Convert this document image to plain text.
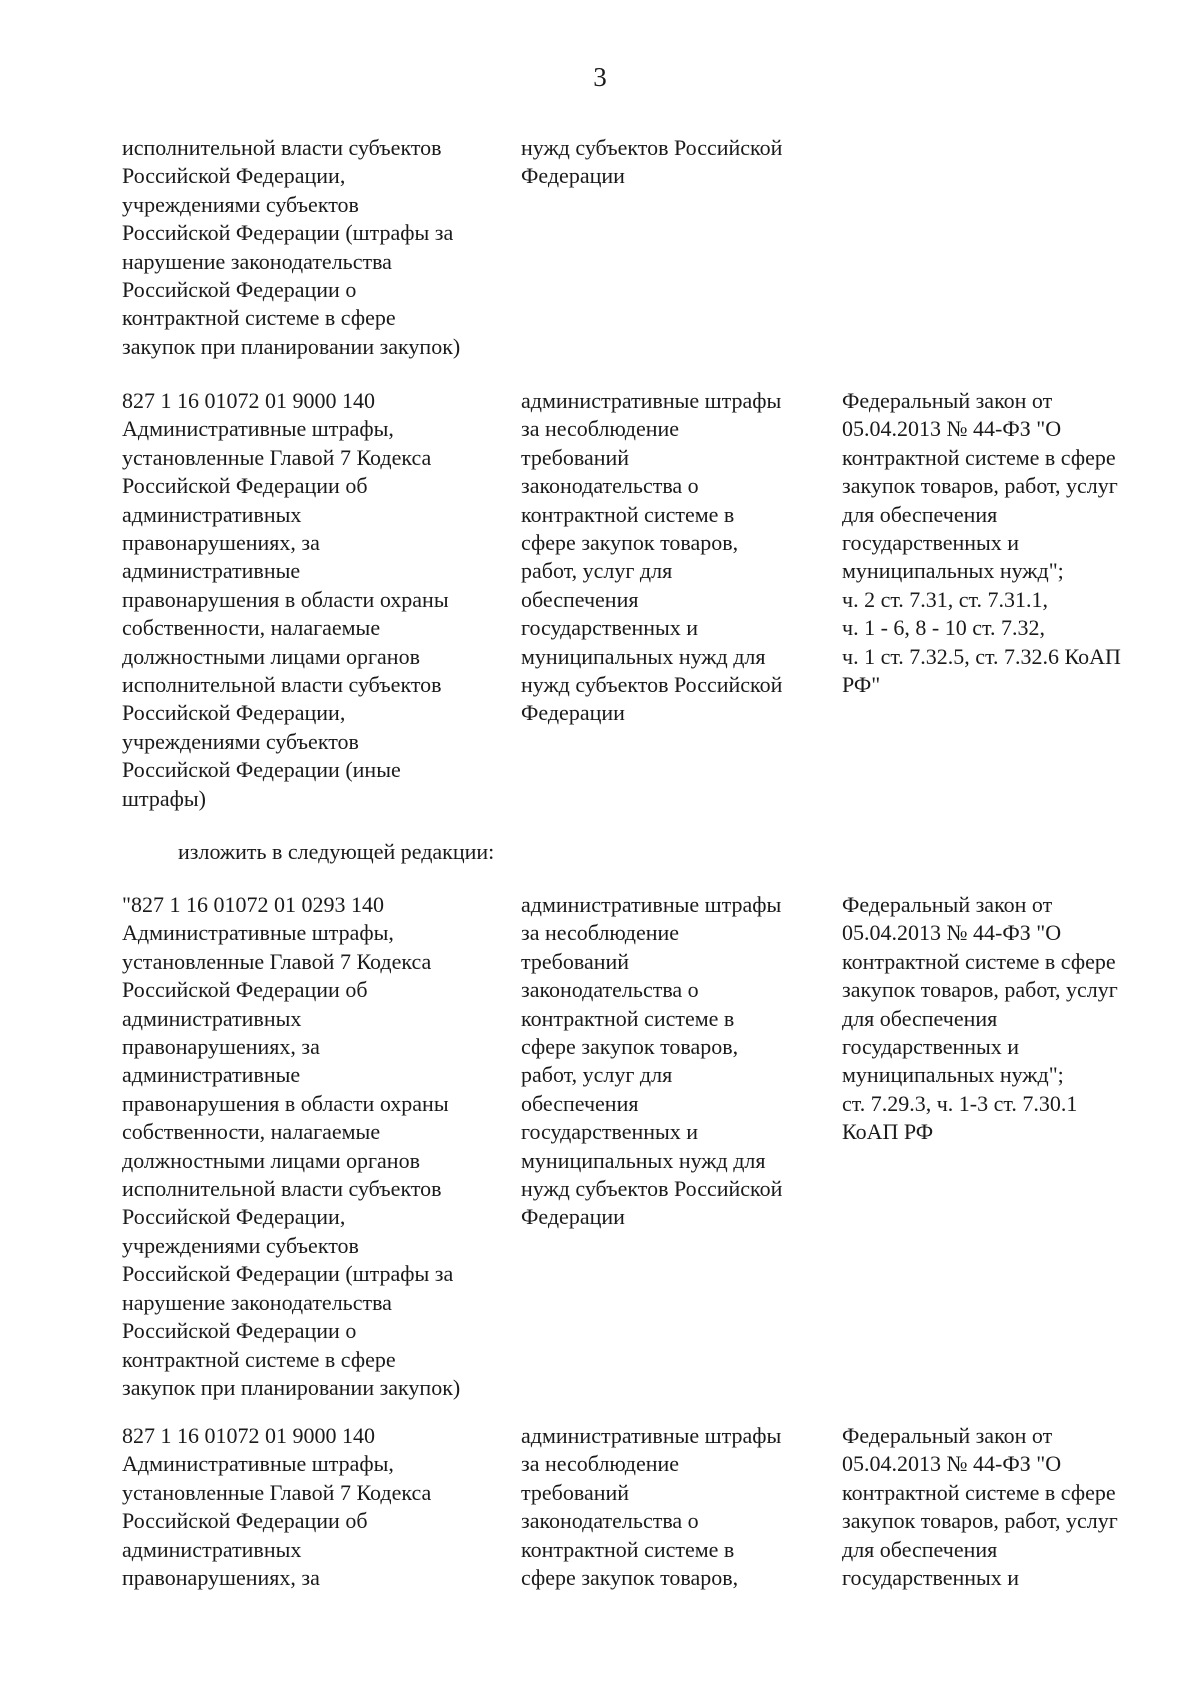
3
исполнительной власти субъектов
Российской Федерации,
учреждениями субъектов
Российской Федерации (штрафы за
нарушение законодательства
Российской Федерации о
контрактной системе в сфере
закупок при планировании закупок)
нужд субъектов Российской
Федерации
827 1 16 01072 01 9000 140
Административные штрафы,
установленные Главой 7 Кодекса
Российской Федерации об
административных
правонарушениях, за
административные
правонарушения в области охраны
собственности, налагаемые
должностными лицами органов
исполнительной власти субъектов
Российской Федерации,
учреждениями субъектов
Российской Федерации (иные
штрафы)
административные штрафы
за несоблюдение
требований
законодательства о
контрактной системе в
сфере закупок товаров,
работ, услуг для
обеспечения
государственных и
муниципальных нужд для
нужд субъектов Российской
Федерации
Федеральный закон от
05.04.2013 № 44-ФЗ "О
контрактной системе в сфере
закупок товаров, работ, услуг
для обеспечения
государственных и
муниципальных нужд";
ч. 2 ст. 7.31, ст. 7.31.1,
ч. 1 - 6, 8 - 10 ст. 7.32,
ч. 1 ст. 7.32.5, ст. 7.32.6 КоАП
РФ"
изложить в следующей редакции:
"827 1 16 01072 01 0293 140
Административные штрафы,
установленные Главой 7 Кодекса
Российской Федерации об
административных
правонарушениях, за
административные
правонарушения в области охраны
собственности, налагаемые
должностными лицами органов
исполнительной власти субъектов
Российской Федерации,
учреждениями субъектов
Российской Федерации (штрафы за
нарушение законодательства
Российской Федерации о
контрактной системе в сфере
закупок при планировании закупок)
административные штрафы
за несоблюдение
требований
законодательства о
контрактной системе в
сфере закупок товаров,
работ, услуг для
обеспечения
государственных и
муниципальных нужд для
нужд субъектов Российской
Федерации
Федеральный закон от
05.04.2013 № 44-ФЗ "О
контрактной системе в сфере
закупок товаров, работ, услуг
для обеспечения
государственных и
муниципальных нужд";
ст. 7.29.3, ч. 1-3 ст. 7.30.1
КоАП РФ
827 1 16 01072 01 9000 140
Административные штрафы,
установленные Главой 7 Кодекса
Российской Федерации об
административных
правонарушениях, за
административные штрафы
за несоблюдение
требований
законодательства о
контрактной системе в
сфере закупок товаров,
Федеральный закон от
05.04.2013 № 44-ФЗ "О
контрактной системе в сфере
закупок товаров, работ, услуг
для обеспечения
государственных и
